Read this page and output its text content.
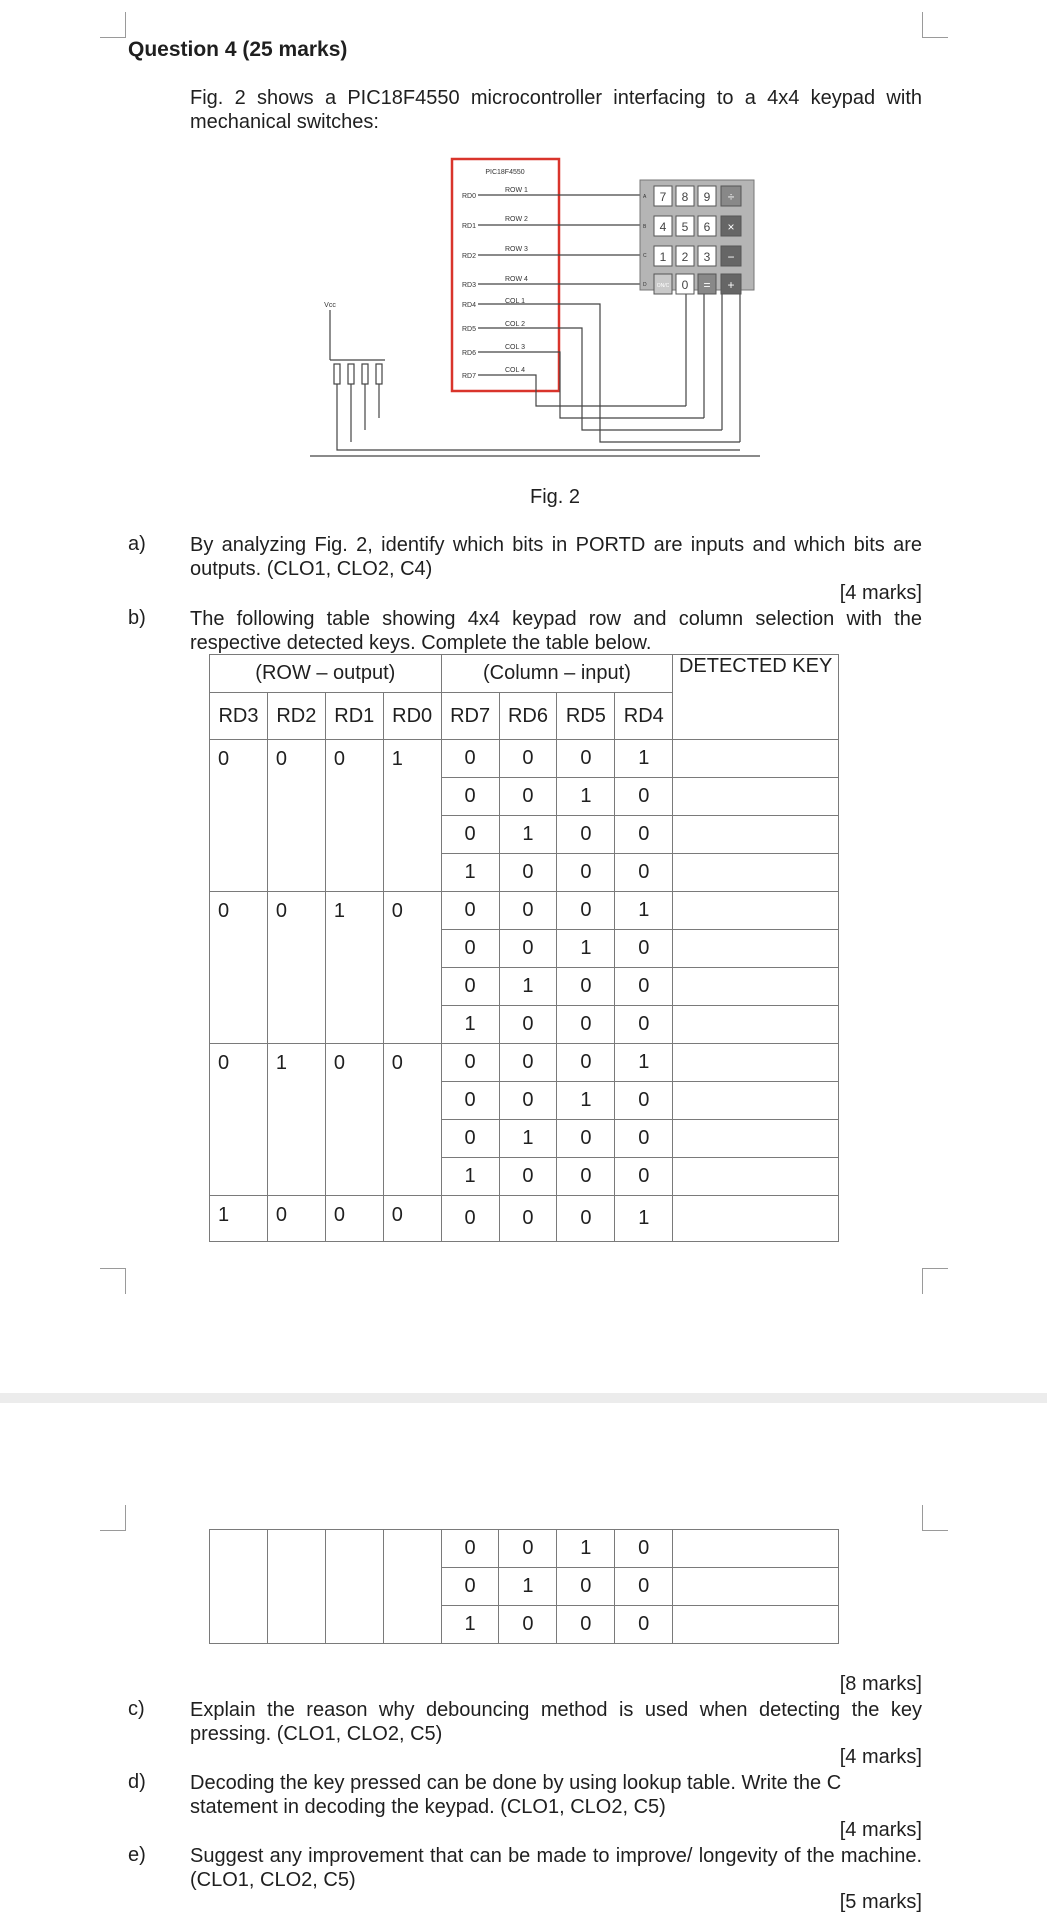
Question 4 (25 marks)
Fig. 2 shows a PIC18F4550 microcontroller interfacing to a 4x4 keypad with mechanical switches:
PIC18F4550
RD0
RD1
RD2
RD3
RD4
RD5
RD6
RD7
ROW 1
ROW 2
ROW 3
ROW 4
COL 1
COL 2
COL 3
COL 4
Vcc
A
B
C
D
7 8 9 ÷
4 5 6 ×
1 2 3 −
ON/C 0 = +
Fig. 2
a) By analyzing Fig. 2, identify which bits in PORTD are inputs and which bits are outputs. (CLO1, CLO2, C4)
[4 marks]
b) The following table showing 4x4 keypad row and column selection with the respective detected keys. Complete the table below.
(ROW – output)				(Column – input)				DETECTED KEY
RD3	RD2	RD1	RD0	RD7	RD6	RD5	RD4	
0	0	0	1	0	0	0	1	
				0	0	1	0	
				0	1	0	0	
				1	0	0	0	
0	0	1	0	0	0	0	1	
				0	0	1	0	
				0	1	0	0	
				1	0	0	0	
0	1	0	0	0	0	0	1	
				0	0	1	0	
				0	1	0	0	
				1	0	0	0	
1	0	0	0	0	0	0	1	
				0	0	1	0	
				0	1	0	0	
				1	0	0	0	
[8 marks]
c) Explain the reason why debouncing method is used when detecting the key pressing. (CLO1, CLO2, C5)
[4 marks]
d) Decoding the key pressed can be done by using lookup table. Write the C statement in decoding the keypad. (CLO1, CLO2, C5)
[4 marks]
e) Suggest any improvement that can be made to improve/ longevity of the machine. (CLO1, CLO2, C5)
[5 marks]
